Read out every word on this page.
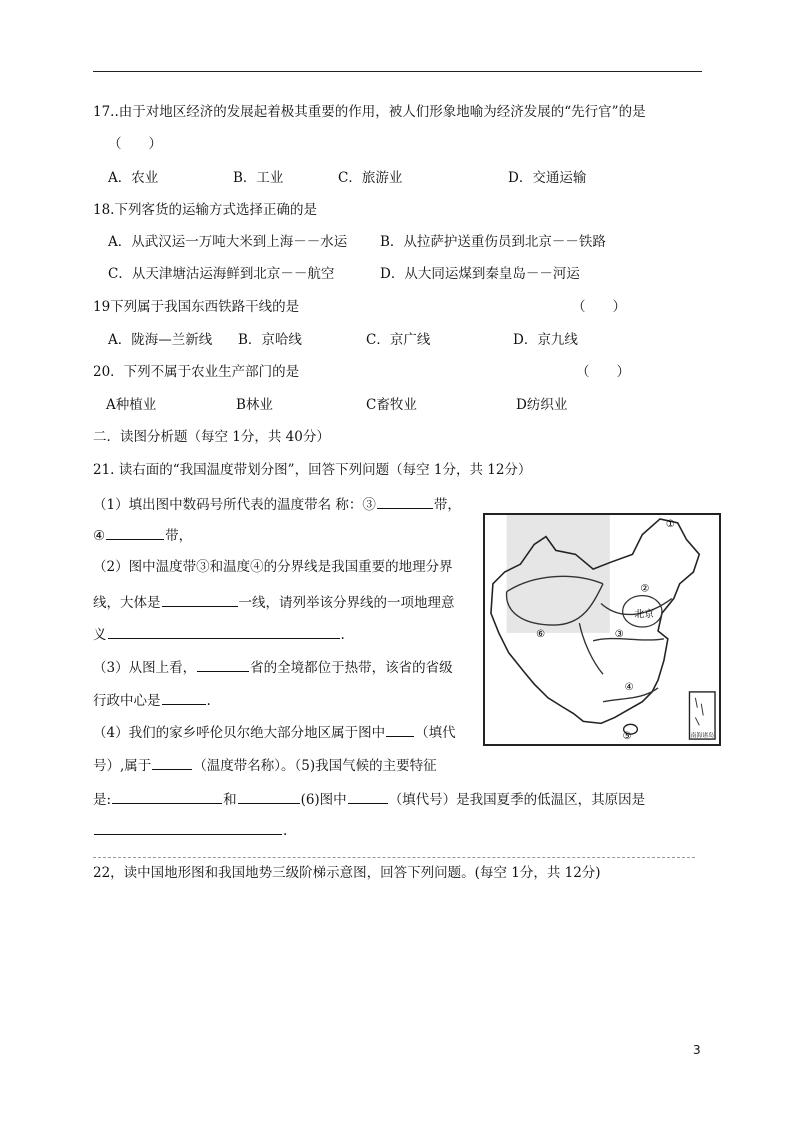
17..由于对地区经济的发展起着极其重要的作用，被人们形象地喻为经济发展的“先行官”的是
（　　）
A．农业	B．工业	C．旅游业	D．交通运输
18.下列客货的运输方式选择正确的是
A．从武汉运一万吨大米到上海－－水运 B．从拉萨护送重伤员到北京－－铁路
C．从天津塘沽运海鲜到北京－－航空	D．从大同运煤到秦皇岛－－河运
19下列属于我国东西铁路干线的是	（　　）
A．陇海—兰新线 B．京哈线	C．京广线	D．京九线
20．下列不属于农业生产部门的是	（　　）
A种植业	B林业	C畜牧业	D纺织业
二．读图分析题（每空 1分，共 40分）
21. 读右面的“我国温度带划分图”，回答下列问题（每空 1分，共 12分）
（1）填出图中数码号所代表的温度带名 称：③	带，
④	带，
（2）图中温度带③和温度④的分界线是我国重要的地理分界
线，大体是	一线，请列举该分界线的一项地理意
义	.
（3）从图上看，	省的全境都位于热带，该省的省级
行政中心是	.
（4）我们的家乡呼伦贝尔绝大部分地区属于图中 （填代
号）,属于	（温度带名称）。（5)我国气候的主要特征
是:	和	(6)图中	（填代号）是我国夏季的低温区，其原因是
.
①
②
③
④
⑤
⑥
北京
南海诸岛
22，读中国地形图和我国地势三级阶梯示意图，回答下列问题。(每空 1分，共 12分)
3
